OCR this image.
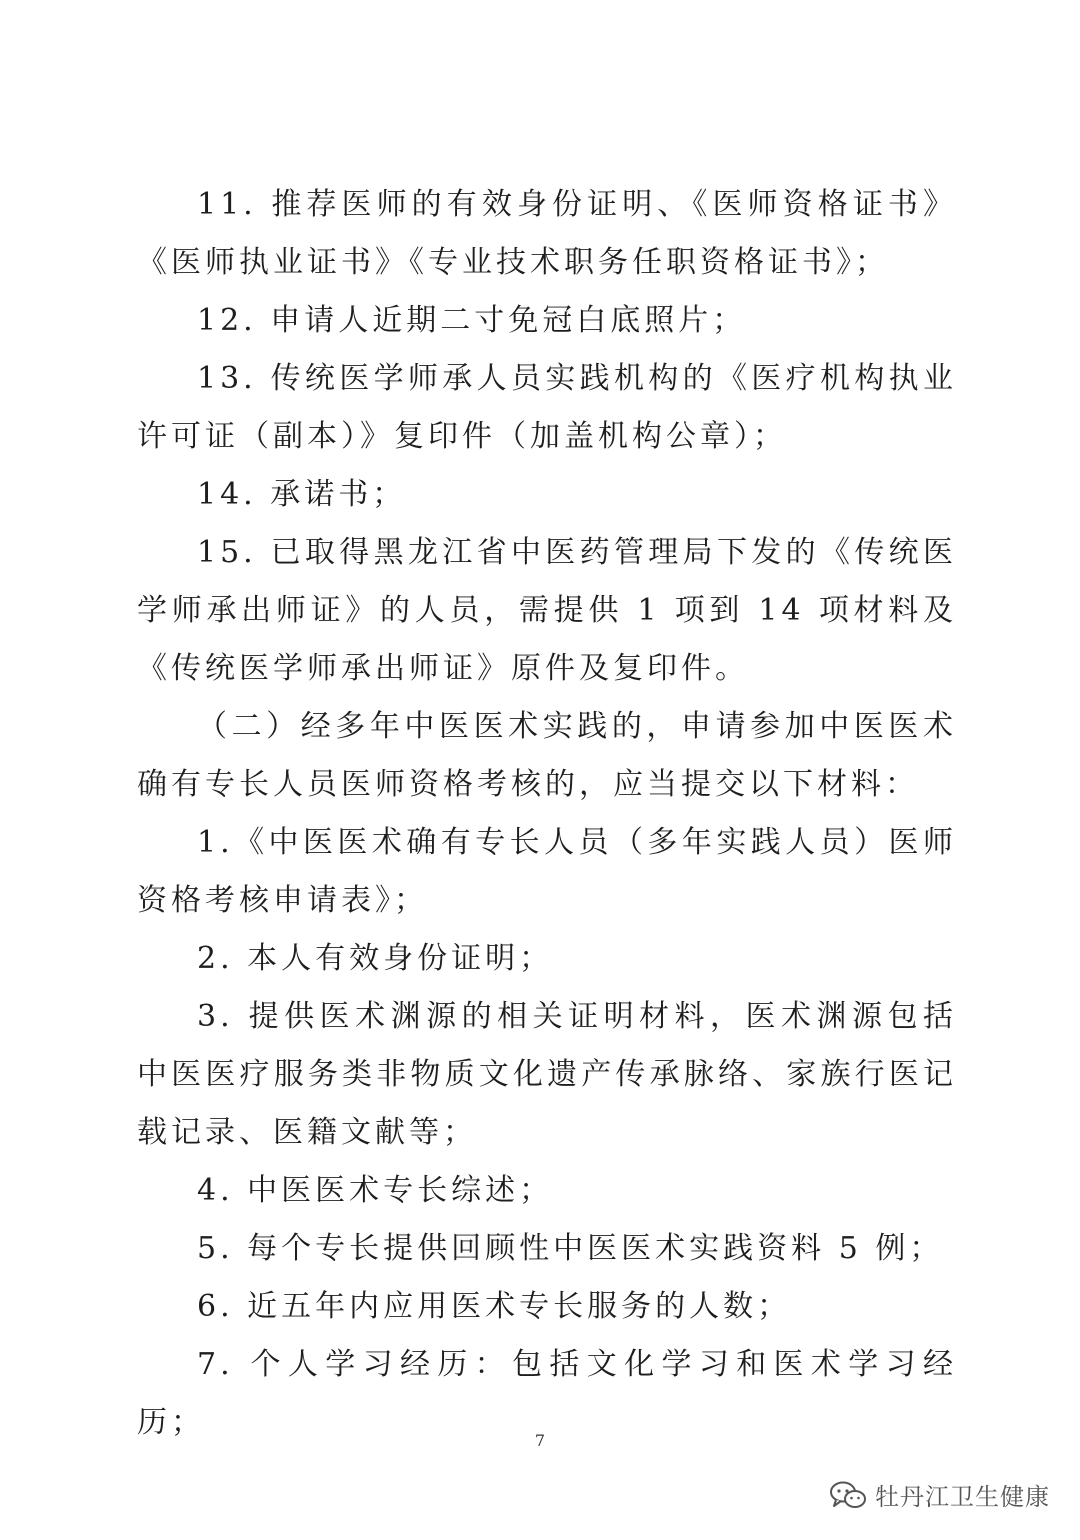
11. 推荐医师的有效身份证明、《医师资格证书》《医师执业证书》《专业技术职务任职资格证书》；

12. 申请人近期二寸免冠白底照片；

13. 传统医学师承人员实践机构的《医疗机构执业许可证（副本）》复印件（加盖机构公章）；

14. 承诺书；

15. 已取得黑龙江省中医药管理局下发的《传统医学师承出师证》的人员，需提供 1 项到 14 项材料及《传统医学师承出师证》原件及复印件。

（二）经多年中医医术实践的，申请参加中医医术确有专长人员医师资格考核的，应当提交以下材料：

1.《中医医术确有专长人员（多年实践人员）医师资格考核申请表》；

2. 本人有效身份证明；

3. 提供医术渊源的相关证明材料，医术渊源包括中医医疗服务类非物质文化遗产传承脉络、家族行医记载记录、医籍文献等；

4. 中医医术专长综述；

5. 每个专长提供回顾性中医医术实践资料 5 例；

6. 近五年内应用医术专长服务的人数；

7. 个人学习经历：包括文化学习和医术学习经历；

7
牡丹江卫生健康
